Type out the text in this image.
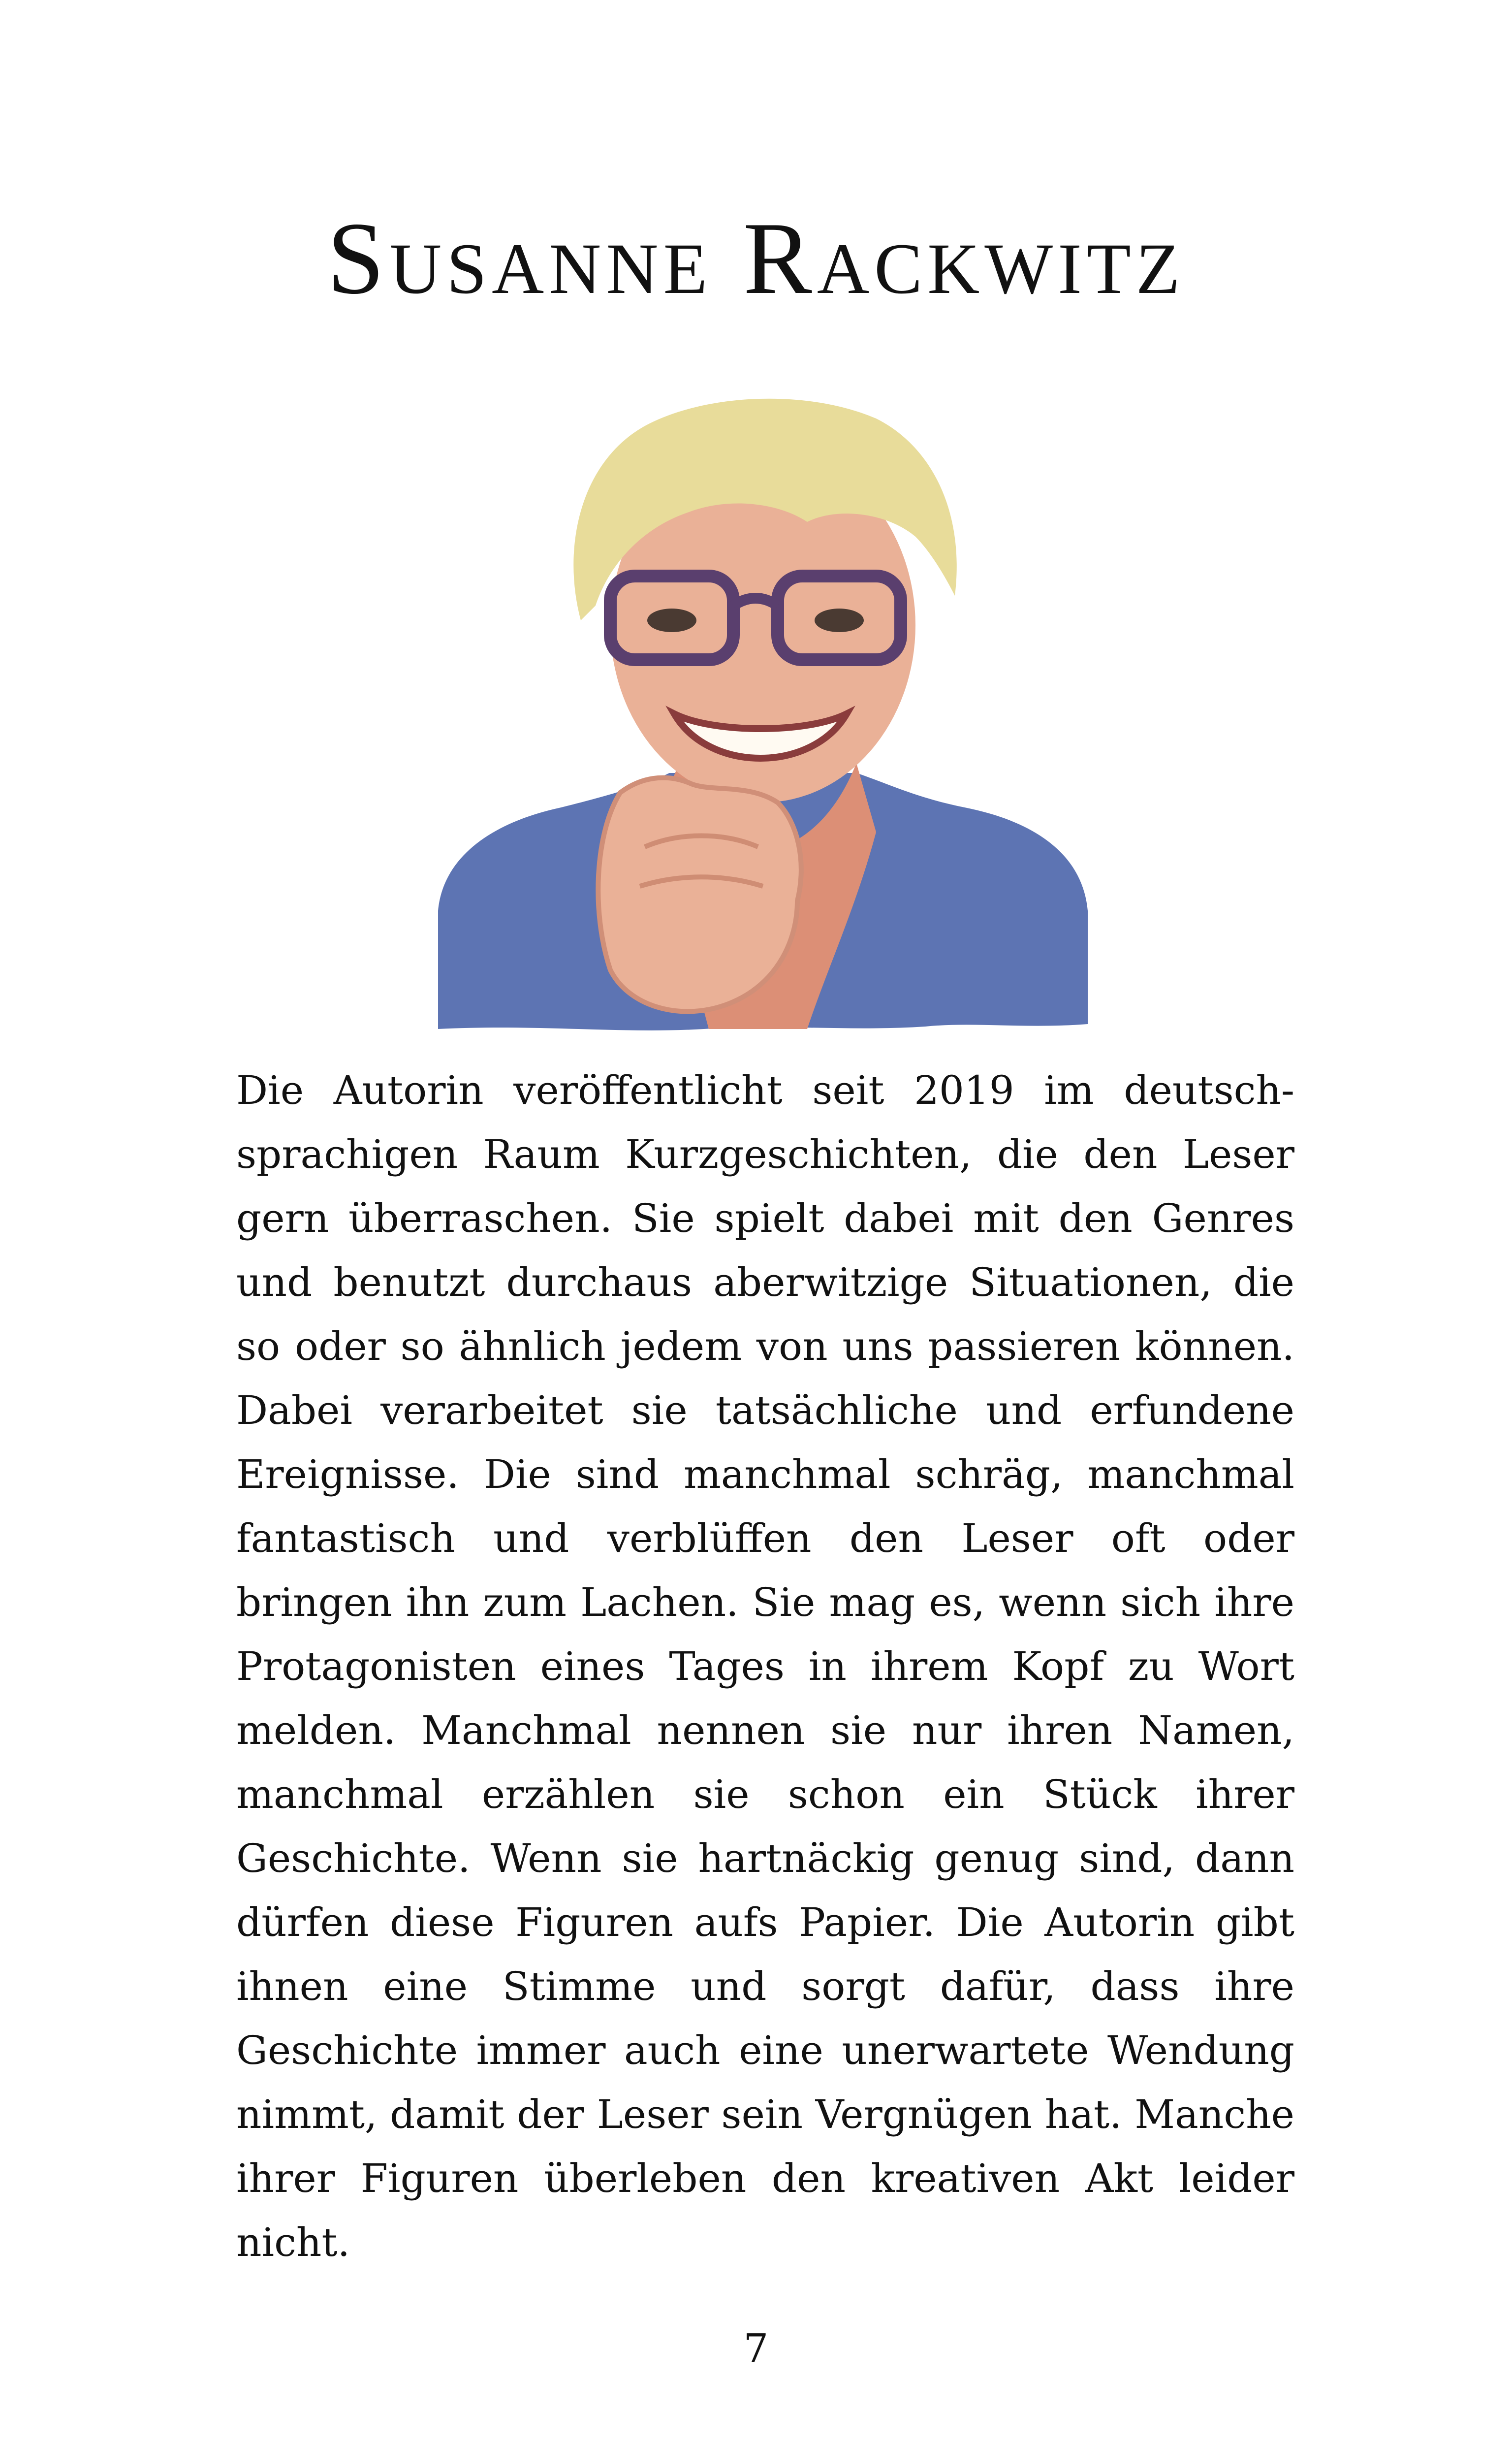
Susanne Rackwitz

Die Autorin veröffentlicht seit 2019 im deutschsprachigen Raum Kurzgeschichten, die den Leser gern überraschen. Sie spielt dabei mit den Genres und benutzt durchaus aberwitzige Situationen, die so oder so ähnlich jedem von uns passieren können. Dabei verarbeitet sie tatsächliche und erfundene Ereignisse. Die sind manchmal schräg, manchmal fantastisch und verblüffen den Leser oft oder bringen ihn zum Lachen. Sie mag es, wenn sich ihre Protagonisten eines Tages in ihrem Kopf zu Wort melden. Manchmal nennen sie nur ihren Namen, manchmal erzählen sie schon ein Stück ihrer Geschichte. Wenn sie hartnäckig genug sind, dann dürfen diese Figuren aufs Papier. Die Autorin gibt ihnen eine Stimme und sorgt dafür, dass ihre Geschichte immer auch eine unerwartete Wendung nimmt, damit der Leser sein Vergnügen hat. Manche ihrer Figuren überleben den kreativen Akt leider nicht.

7
